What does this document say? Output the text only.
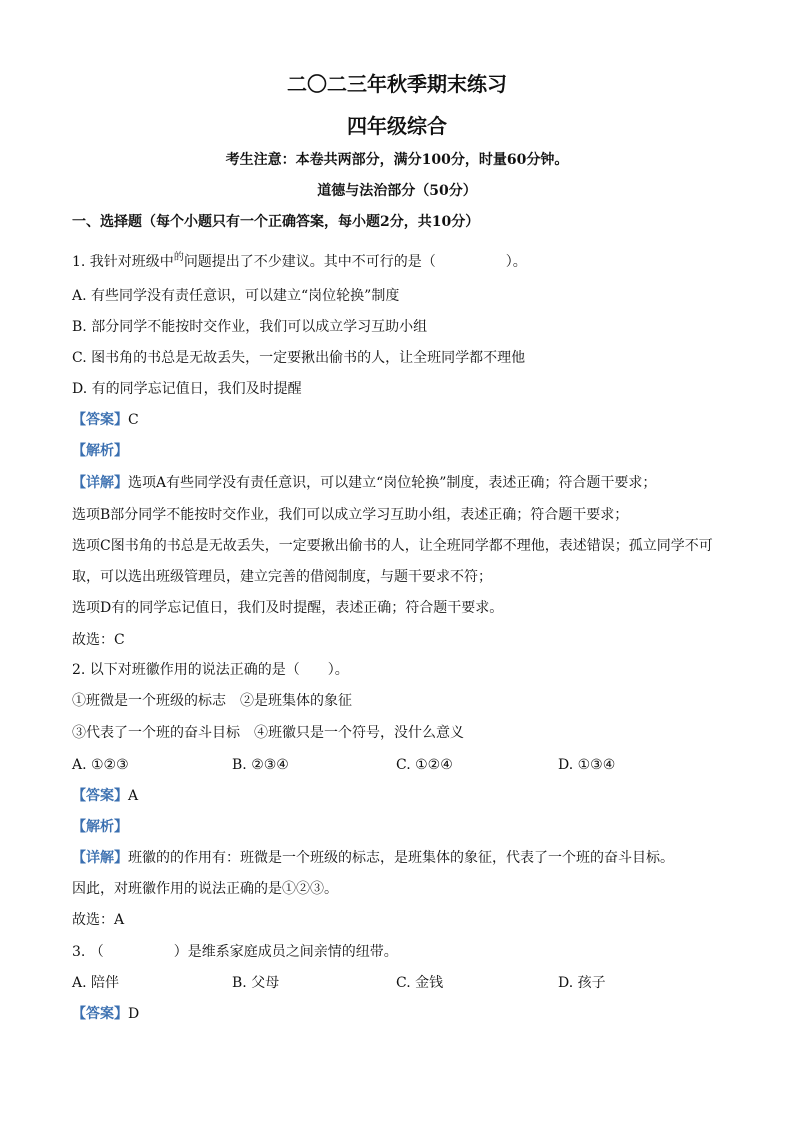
二〇二三年秋季期末练习
四年级综合
考生注意：本卷共两部分，满分100分，时量60分钟。
道德与法治部分（50分）
一、选择题（每个小题只有一个正确答案，每小题2分，共10分）
1. 我针对班级中$^的$问题提出了不少建议。其中不可行的是（　　　　　）。
A. 有些同学没有责任意识，可以建立“岗位轮换”制度
B. 部分同学不能按时交作业，我们可以成立学习互助小组
C. 图书角的书总是无故丢失，一定要揪出偷书的人，让全班同学都不理他
D. 有的同学忘记值日，我们及时提醒
【答案】C
【解析】
【详解】选项A有些同学没有责任意识，可以建立“岗位轮换”制度，表述正确；符合题干要求；
选项B部分同学不能按时交作业，我们可以成立学习互助小组，表述正确；符合题干要求；
选项C图书角的书总是无故丢失，一定要揪出偷书的人，让全班同学都不理他，表述错误；孤立同学不可
取，可以选出班级管理员，建立完善的借阅制度，与题干要求不符；
选项D有的同学忘记值日，我们及时提醒，表述正确；符合题干要求。
故选：C
2. 以下对班徽作用的说法正确的是（　　）。
①班微是一个班级的标志　②是班集体的象征
③代表了一个班的奋斗目标　④班徽只是一个符号，没什么意义
A. ①②③	B. ②③④	C. ①②④	D. ①③④
【答案】A
【解析】
【详解】班徽的的作用有：班微是一个班级的标志，是班集体的象征，代表了一个班的奋斗目标。
因此，对班徽作用的说法正确的是①②③。
故选：A
3. （　　　　　）是维系家庭成员之间亲情的纽带。
A. 陪伴	B. 父母	C. 金钱	D. 孩子
【答案】D
